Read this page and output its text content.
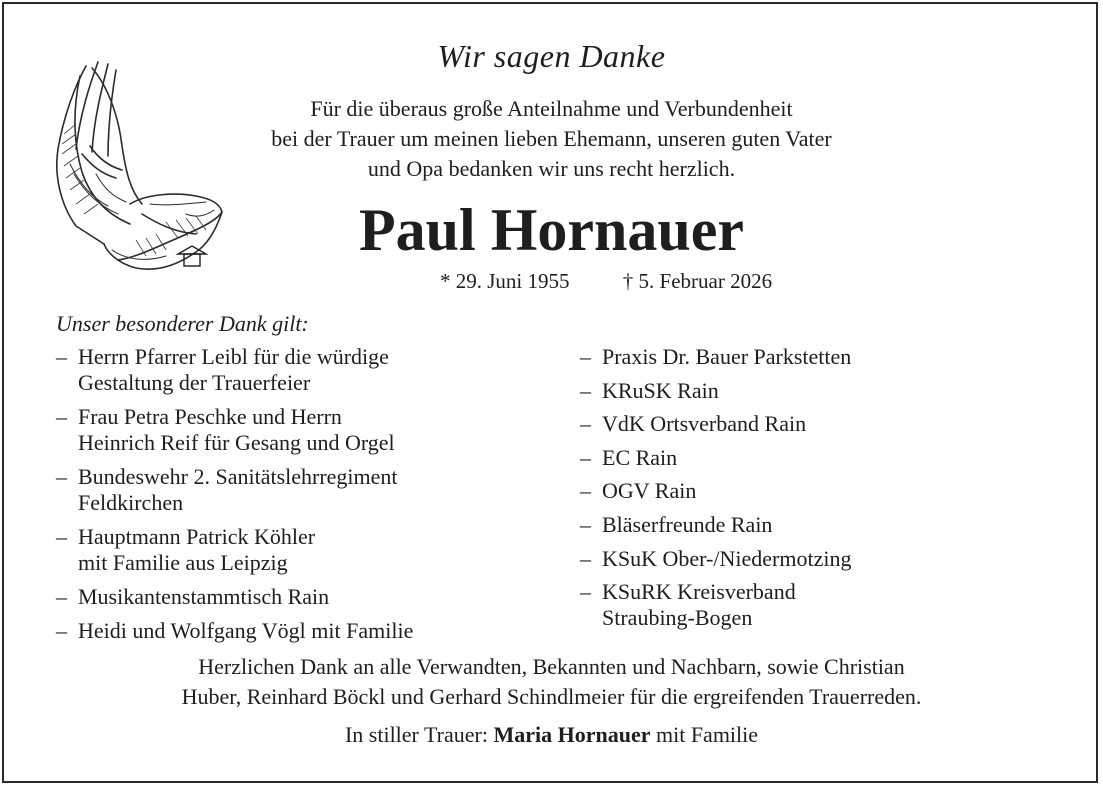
Wir sagen Danke
Für die überaus große Anteilnahme und Verbundenheit
bei der Trauer um meinen lieben Ehemann, unseren guten Vater
und Opa bedanken wir uns recht herzlich.
Paul Hornauer
* 29. Juni 1955	† 5. Februar 2026
Unser besonderer Dank gilt:
– Herrn Pfarrer Leibl für die würdige
Gestaltung der Trauerfeier
– Frau Petra Peschke und Herrn
Heinrich Reif für Gesang und Orgel
– Bundeswehr 2. Sanitätslehrregiment
Feldkirchen
– Hauptmann Patrick Köhler
mit Familie aus Leipzig
– Musikantenstammtisch Rain
– Heidi und Wolfgang Vögl mit Familie
– Praxis Dr. Bauer Parkstetten
– KRuSK Rain
– VdK Ortsverband Rain
– EC Rain
– OGV Rain
– Bläserfreunde Rain
– KSuK Ober-/Niedermotzing
– KSuRK Kreisverband
Straubing-Bogen
Herzlichen Dank an alle Verwandten, Bekannten und Nachbarn, sowie Christian
Huber, Reinhard Böckl und Gerhard Schindlmeier für die ergreifenden Trauerreden.
In stiller Trauer: Maria Hornauer mit Familie
